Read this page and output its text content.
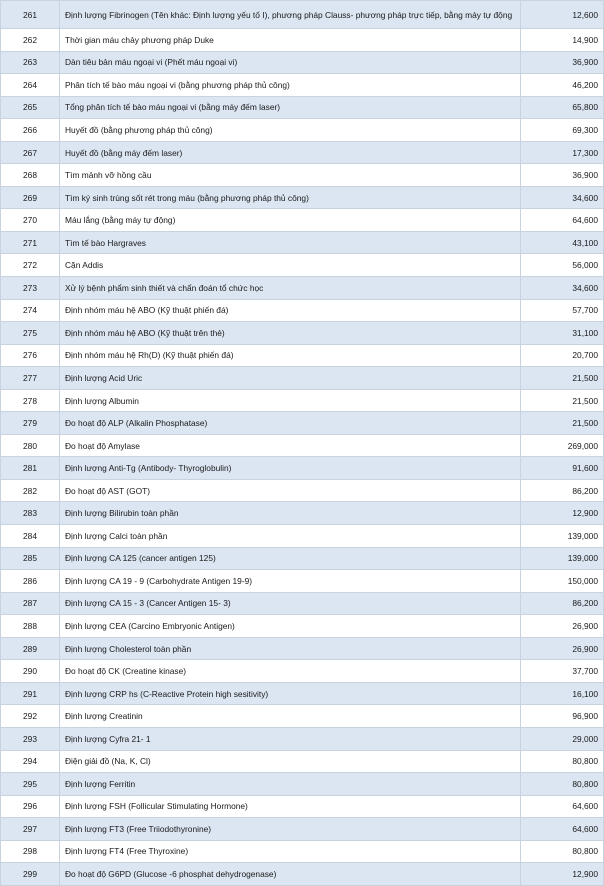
261	Định lượng Fibrinogen (Tên khác: Định lượng yếu tố I), phương pháp Clauss- phương pháp trực tiếp, bằng máy tự động	12,600
262	Thời gian máu chảy phương pháp Duke	14,900
263	Dàn tiêu bản máu ngoại vi (Phết máu ngoại vi)	36,900
264	Phân tích tế bào máu ngoại vi (bằng phương pháp thủ công)	46,200
265	Tổng phân tích tế bào máu ngoại vi (bằng máy đếm laser)	65,800
266	Huyết đồ (bằng phương pháp thủ công)	69,300
267	Huyết đồ (bằng máy đếm laser)	17,300
268	Tìm mảnh vỡ hồng cầu	36,900
269	Tìm ký sinh trùng sốt rét trong máu (bằng phương pháp thủ công)	34,600
270	Máu lắng (bằng máy tự động)	64,600
271	Tìm tế bào Hargraves	43,100
272	Cặn Addis	56,000
273	Xử lý bệnh phẩm sinh thiết và chẩn đoán tổ chức học	34,600
274	Định nhóm máu hệ ABO (Kỹ thuật phiến đá)	57,700
275	Định nhóm máu hệ ABO (Kỹ thuật trên thẻ)	31,100
276	Định nhóm máu hệ Rh(D) (Kỹ thuật phiến đá)	20,700
277	Định lượng Acid Uric	21,500
278	Định lượng Albumin	21,500
279	Đo hoạt độ ALP (Alkalin Phosphatase)	21,500
280	Đo hoạt độ Amylase	269,000
281	Định lượng Anti-Tg (Antibody- Thyroglobulin)	91,600
282	Đo hoạt độ AST (GOT)	86,200
283	Định lượng Bilirubin toàn phần	12,900
284	Định lượng Calci toàn phần	139,000
285	Định lượng CA 125 (cancer antigen 125)	139,000
286	Định lượng CA 19 - 9 (Carbohydrate Antigen 19-9)	150,000
287	Định lượng CA 15 - 3 (Cancer Antigen 15- 3)	86,200
288	Định lượng CEA (Carcino Embryonic Antigen)	26,900
289	Định lượng Cholesterol toàn phần	26,900
290	Đo hoạt độ CK (Creatine kinase)	37,700
291	Định lượng CRP hs (C-Reactive Protein high sesitivity)	16,100
292	Định lượng Creatinin	96,900
293	Định lượng Cyfra 21- 1	29,000
294	Điện giải đồ (Na, K, Cl)	80,800
295	Định lượng Ferritin	80,800
296	Định lượng FSH (Follicular Stimulating Hormone)	64,600
297	Định lượng FT3 (Free Triiodothyronine)	64,600
298	Định lượng FT4 (Free Thyroxine)	80,800
299	Đo hoạt độ G6PD (Glucose -6 phosphat dehydrogenase)	12,900
